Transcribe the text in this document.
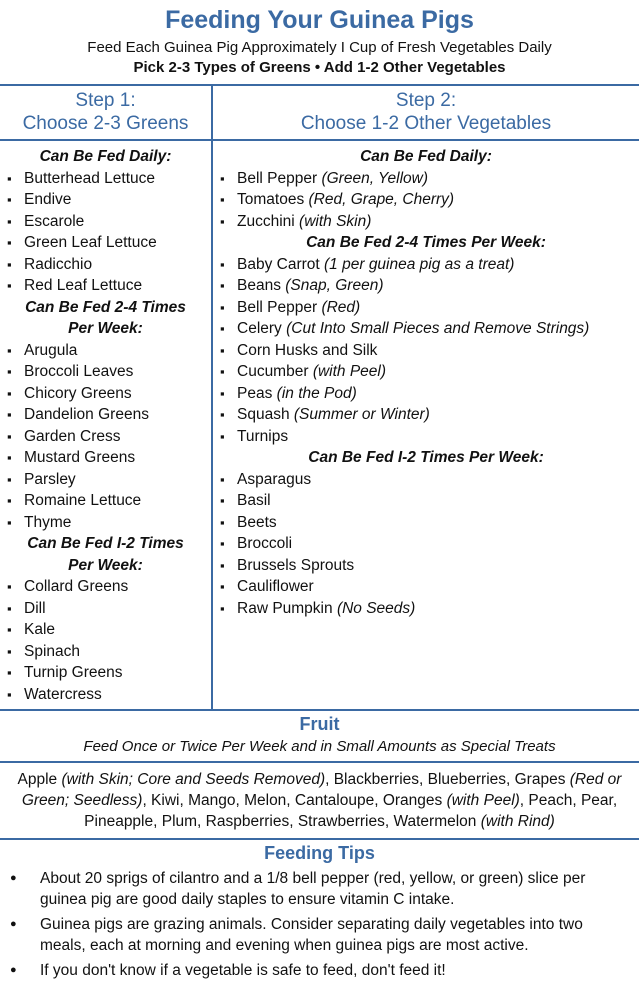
Feeding Your Guinea Pigs
Feed Each Guinea Pig Approximately I Cup of Fresh Vegetables Daily
Pick 2-3 Types of Greens • Add 1-2 Other Vegetables
Step 1:
Choose 2-3 Greens
Can Be Fed Daily:
▪ Butterhead Lettuce
▪ Endive
▪ Escarole
▪ Green Leaf Lettuce
▪ Radicchio
▪ Red Leaf Lettuce
Can Be Fed 2-4 Times
Per Week:
▪ Arugula
▪ Broccoli Leaves
▪ Chicory Greens
▪ Dandelion Greens
▪ Garden Cress
▪ Mustard Greens
▪ Parsley
▪ Romaine Lettuce
▪ Thyme
Can Be Fed I-2 Times
Per Week:
▪ Collard Greens
▪ Dill
▪ Kale
▪ Spinach
▪ Turnip Greens
▪ Watercress
Step 2:
Choose 1-2 Other Vegetables
Can Be Fed Daily:
▪ Bell Pepper (Green, Yellow)
▪ Tomatoes (Red, Grape, Cherry)
▪ Zucchini (with Skin)
Can Be Fed 2-4 Times Per Week:
▪ Baby Carrot (1 per guinea pig as a treat)
▪ Beans (Snap, Green)
▪ Bell Pepper (Red)
▪ Celery (Cut Into Small Pieces and Remove Strings)
▪ Corn Husks and Silk
▪ Cucumber (with Peel)
▪ Peas (in the Pod)
▪ Squash (Summer or Winter)
▪ Turnips
Can Be Fed I-2 Times Per Week:
▪ Asparagus
▪ Basil
▪ Beets
▪ Broccoli
▪ Brussels Sprouts
▪ Cauliflower
▪ Raw Pumpkin (No Seeds)
Fruit
Feed Once or Twice Per Week and in Small Amounts as Special Treats
Apple (with Skin; Core and Seeds Removed), Blackberries, Blueberries, Grapes (Red or Green; Seedless), Kiwi, Mango, Melon, Cantaloupe, Oranges (with Peel), Peach, Pear, Pineapple, Plum, Raspberries, Strawberries, Watermelon (with Rind)
Feeding Tips
● About 20 sprigs of cilantro and a 1/8 bell pepper (red, yellow, or green) slice per guinea pig are good daily staples to ensure vitamin C intake.
● Guinea pigs are grazing animals. Consider separating daily vegetables into two meals, each at morning and evening when guinea pigs are most active.
● If you don't know if a vegetable is safe to feed, don't feed it!
